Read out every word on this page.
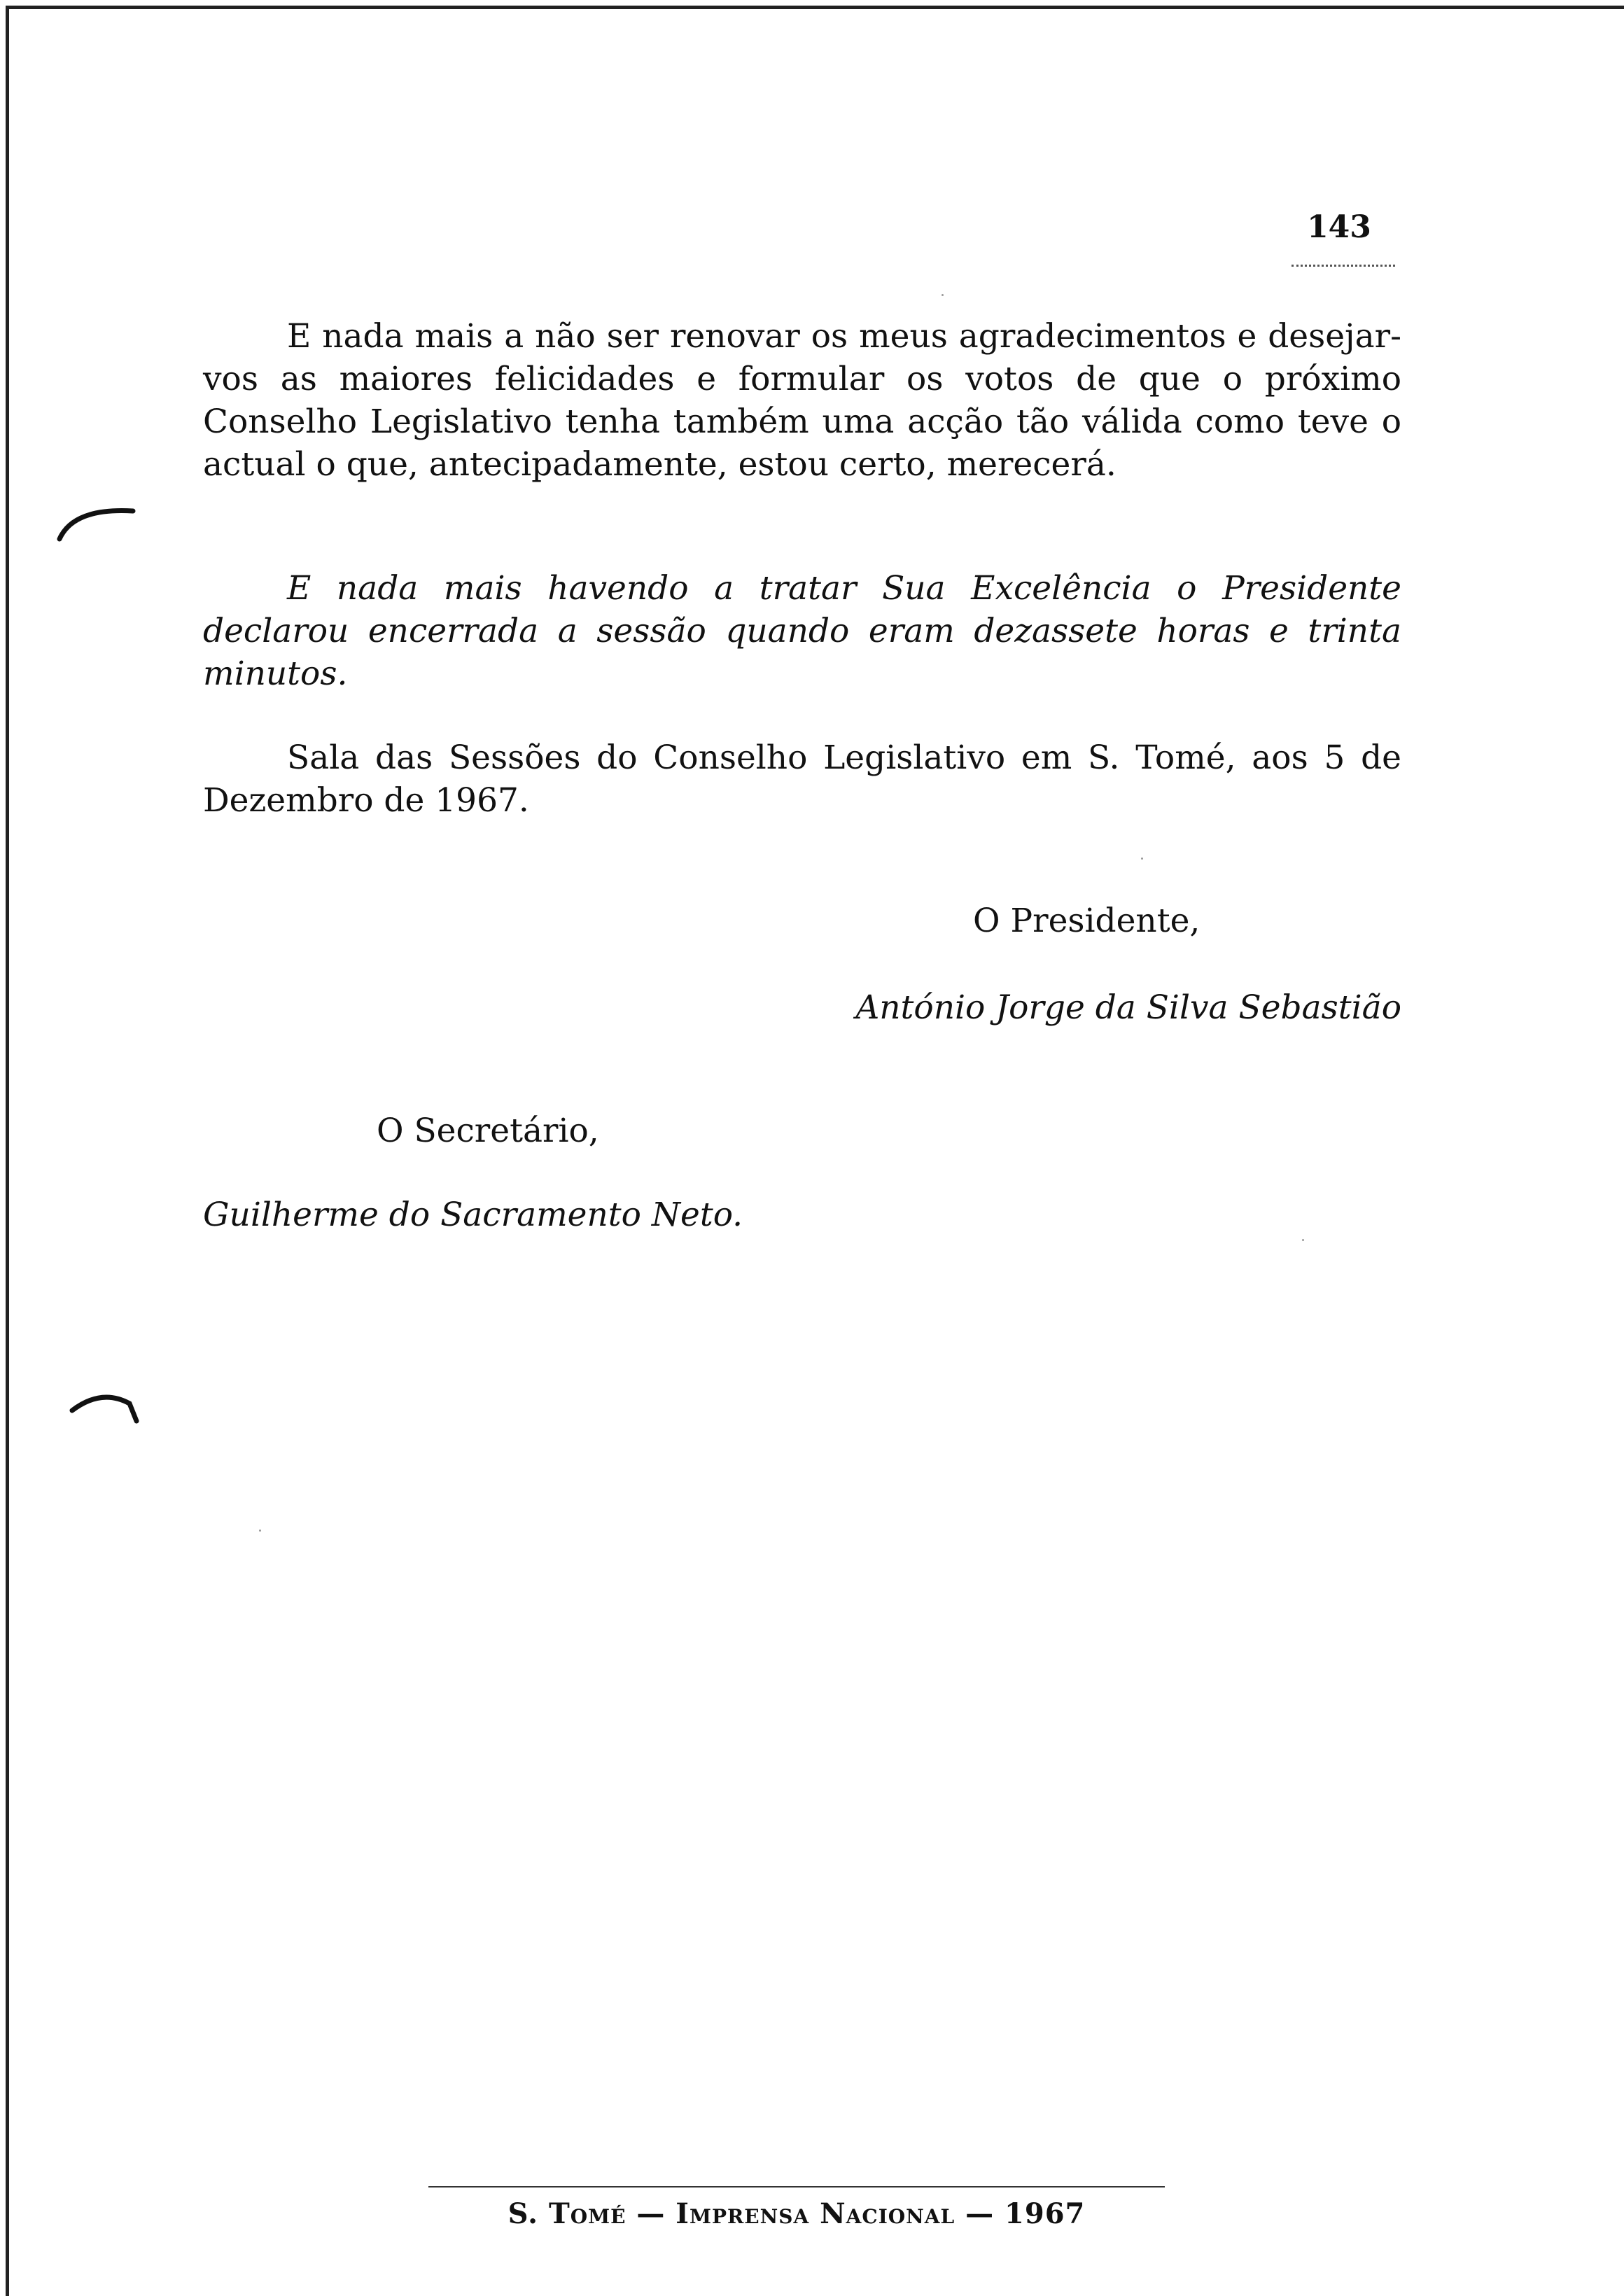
143

E nada mais a não ser renovar os meus agradecimentos e desejar-vos as maiores felicidades e formular os votos de que o próximo Conselho Legislativo tenha também uma acção tão válida como teve o actual o que, antecipadamente, estou certo, merecerá.

E nada mais havendo a tratar Sua Excelência o Presidente declarou encerrada a sessão quando eram dezassete horas e trinta minutos.

Sala das Sessões do Conselho Legislativo em S. Tomé, aos 5 de Dezembro de 1967.

O Presidente,
António Jorge da Silva Sebastião
O Secretário,
Guilherme do Sacramento Neto.
S. Tomé — Imprensa Nacional — 1967
